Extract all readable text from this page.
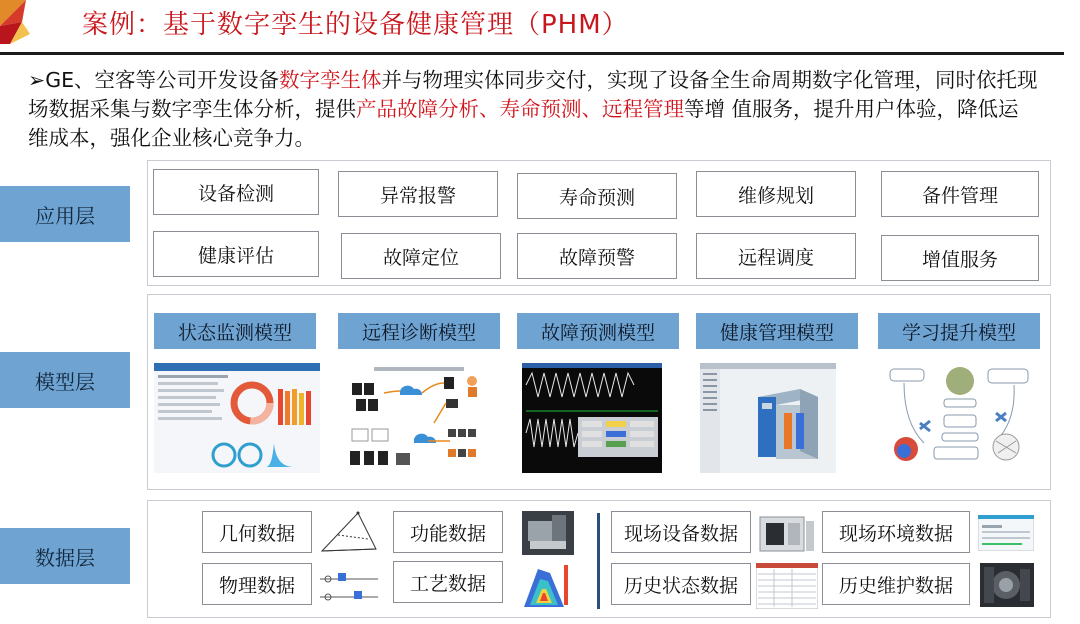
案例：基于数字孪生的设备健康管理（PHM）
➢GE、空客等公司开发设备数字孪生体并与物理实体同步交付，实现了设备全生命周期数字化管理，同时依托现场数据采集与数字孪生体分析，提供产品故障分析、寿命预测、远程管理等增 值服务，提升用户体验，降低运维成本，强化企业核心竞争力。
应用层
设备检测	异常报警	寿命预测	维修规划	备件管理
健康评估	故障定位	故障预警	远程调度	增值服务
模型层
状态监测模型	远程诊断模型	故障预测模型	健康管理模型	学习提升模型
数据层
几何数据	功能数据
物理数据	工艺数据
现场设备数据	现场环境数据
历史状态数据	历史维护数据
